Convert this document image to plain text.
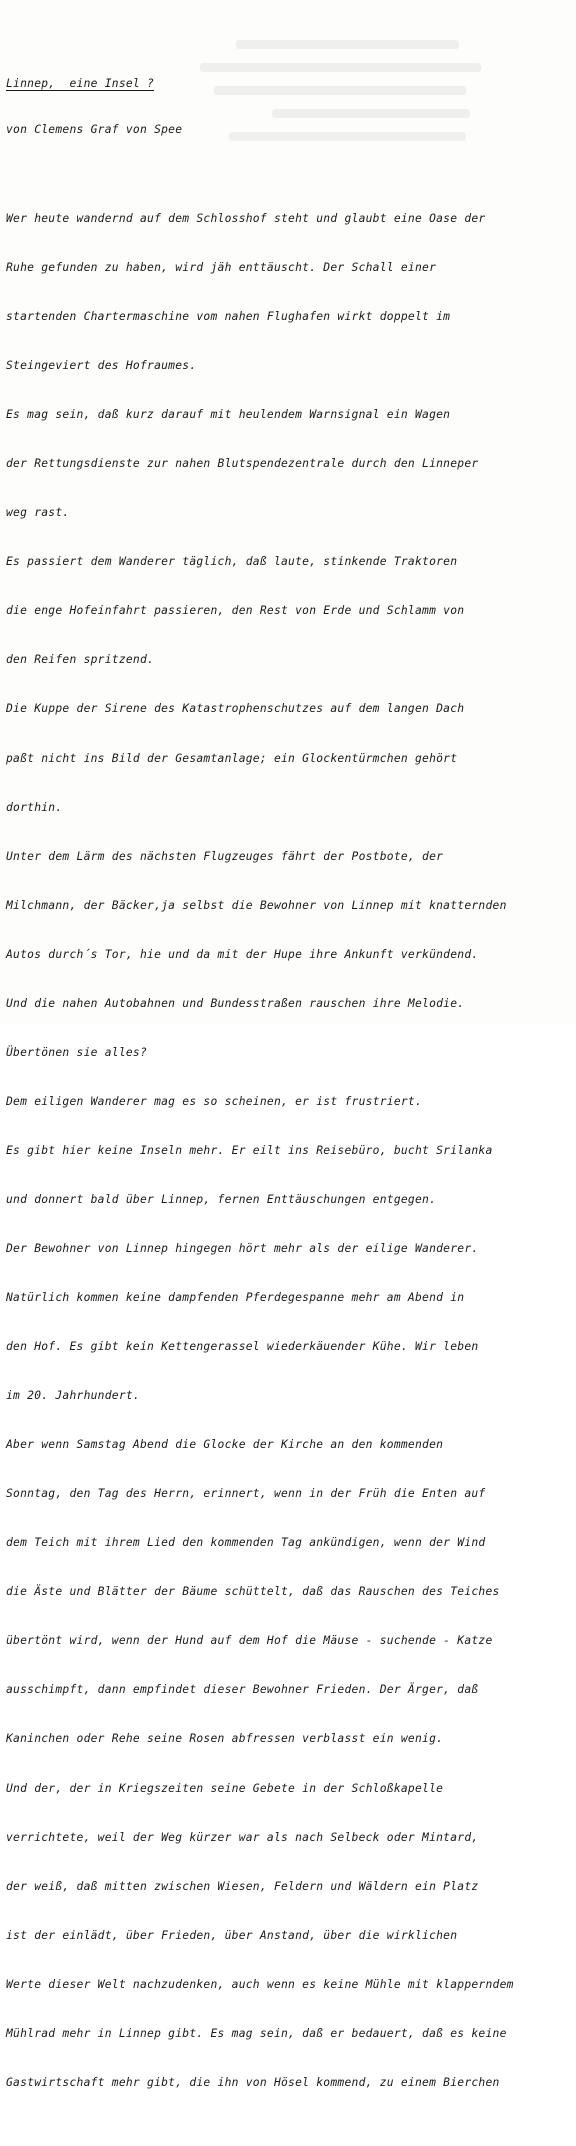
Linnep,  eine Insel ?

von Clemens Graf von Spee

Wer heute wandernd auf dem Schlosshof steht und glaubt eine Oase der

Ruhe gefunden zu haben, wird jäh enttäuscht. Der Schall einer

startenden Chartermaschine vom nahen Flughafen wirkt doppelt im

Steingeviert des Hofraumes.

Es mag sein, daß kurz darauf mit heulendem Warnsignal ein Wagen

der Rettungsdienste zur nahen Blutspendezentrale durch den Linneper

weg rast.

Es passiert dem Wanderer täglich, daß laute, stinkende Traktoren

die enge Hofeinfahrt passieren, den Rest von Erde und Schlamm von

den Reifen spritzend.

Die Kuppe der Sirene des Katastrophenschutzes auf dem langen Dach

paßt nicht ins Bild der Gesamtanlage; ein Glockentürmchen gehört

dorthin.

Unter dem Lärm des nächsten Flugzeuges fährt der Postbote, der

Milchmann, der Bäcker,ja selbst die Bewohner von Linnep mit knatternden

Autos durch´s Tor, hie und da mit der Hupe ihre Ankunft verkündend.

Und die nahen Autobahnen und Bundesstraßen rauschen ihre Melodie.

Übertönen sie alles?

Dem eiligen Wanderer mag es so scheinen, er ist frustriert.

Es gibt hier keine Inseln mehr. Er eilt ins Reisebüro, bucht Srilanka

und donnert bald über Linnep, fernen Enttäuschungen entgegen.

Der Bewohner von Linnep hingegen hört mehr als der eilige Wanderer.

Natürlich kommen keine dampfenden Pferdegespanne mehr am Abend in

den Hof. Es gibt kein Kettengerassel wiederkäuender Kühe. Wir leben

im 20. Jahrhundert.

Aber wenn Samstag Abend die Glocke der Kirche an den kommenden

Sonntag, den Tag des Herrn, erinnert, wenn in der Früh die Enten auf

dem Teich mit ihrem Lied den kommenden Tag ankündigen, wenn der Wind

die Äste und Blätter der Bäume schüttelt, daß das Rauschen des Teiches

übertönt wird, wenn der Hund auf dem Hof die Mäuse - suchende - Katze

ausschimpft, dann empfindet dieser Bewohner Frieden. Der Ärger, daß

Kaninchen oder Rehe seine Rosen abfressen verblasst ein wenig.

Und der, der in Kriegszeiten seine Gebete in der Schloßkapelle

verrichtete, weil der Weg kürzer war als nach Selbeck oder Mintard,

der weiß, daß mitten zwischen Wiesen, Feldern und Wäldern ein Platz

ist der einlädt, über Frieden, über Anstand, über die wirklichen

Werte dieser Welt nachzudenken, auch wenn es keine Mühle mit klapperndem

Mühlrad mehr in Linnep gibt. Es mag sein, daß er bedauert, daß es keine

Gastwirtschaft mehr gibt, die ihn von Hösel kommend, zu einem Bierchen
